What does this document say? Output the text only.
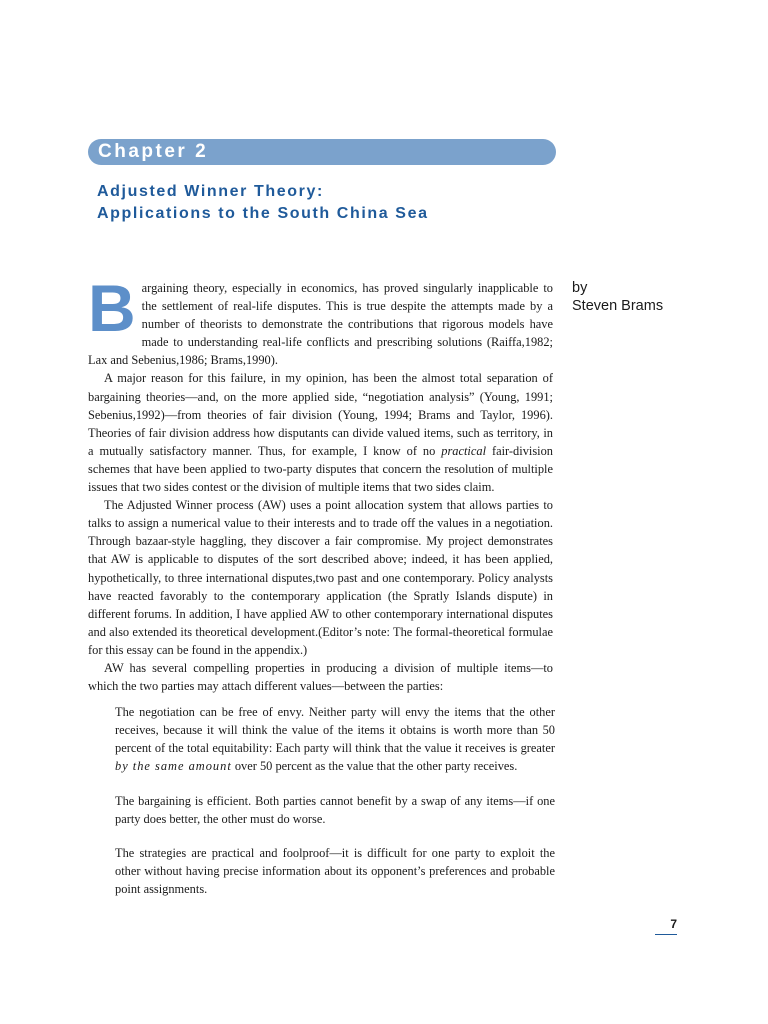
Chapter 2
Adjusted Winner Theory:
Applications to the South China Sea
by
Steven Brams

Bargaining theory, especially in economics, has proved singularly inapplicable to the settlement of real-life disputes. This is true despite the attempts made by a number of theorists to demonstrate the contributions that rigorous models have made to understanding real-life conflicts and prescribing solutions (Raiffa,1982; Lax and Sebenius,1986; Brams,1990).

A major reason for this failure, in my opinion, has been the almost total separation of bargaining theories—and, on the more applied side, “negotiation analysis” (Young, 1991; Sebenius,1992)—from theories of fair division (Young, 1994; Brams and Taylor, 1996). Theories of fair division address how disputants can divide valued items, such as territory, in a mutually satisfactory manner. Thus, for example, I know of no practical fair-division schemes that have been applied to two-party disputes that concern the resolution of multiple issues that two sides contest or the division of multiple items that two sides claim.

The Adjusted Winner process (AW) uses a point allocation system that allows parties to talks to assign a numerical value to their interests and to trade off the values in a negotiation. Through bazaar-style haggling, they discover a fair compromise. My project demonstrates that AW is applicable to disputes of the sort described above; indeed, it has been applied, hypothetically, to three international disputes,two past and one contemporary. Policy analysts have reacted favorably to the contemporary application (the Spratly Islands dispute) in different forums. In addition, I have applied AW to other contemporary international disputes and also extended its theoretical development.(Editor’s note: The formal-theoretical formulae for this essay can be found in the appendix.)

AW has several compelling properties in producing a division of multiple items—to which the two parties may attach different values—between the parties:

The negotiation can be free of envy. Neither party will envy the items that the other receives, because it will think the value of the items it obtains is worth more than 50 percent of the total equitability: Each party will think that the value it receives is greater by the same amount over 50 percent as the value that the other party receives.

The bargaining is efficient. Both parties cannot benefit by a swap of any items—if one party does better, the other must do worse.

The strategies are practical and foolproof—it is difficult for one party to exploit the other without having precise information about its opponent’s preferences and probable point assignments.

7
